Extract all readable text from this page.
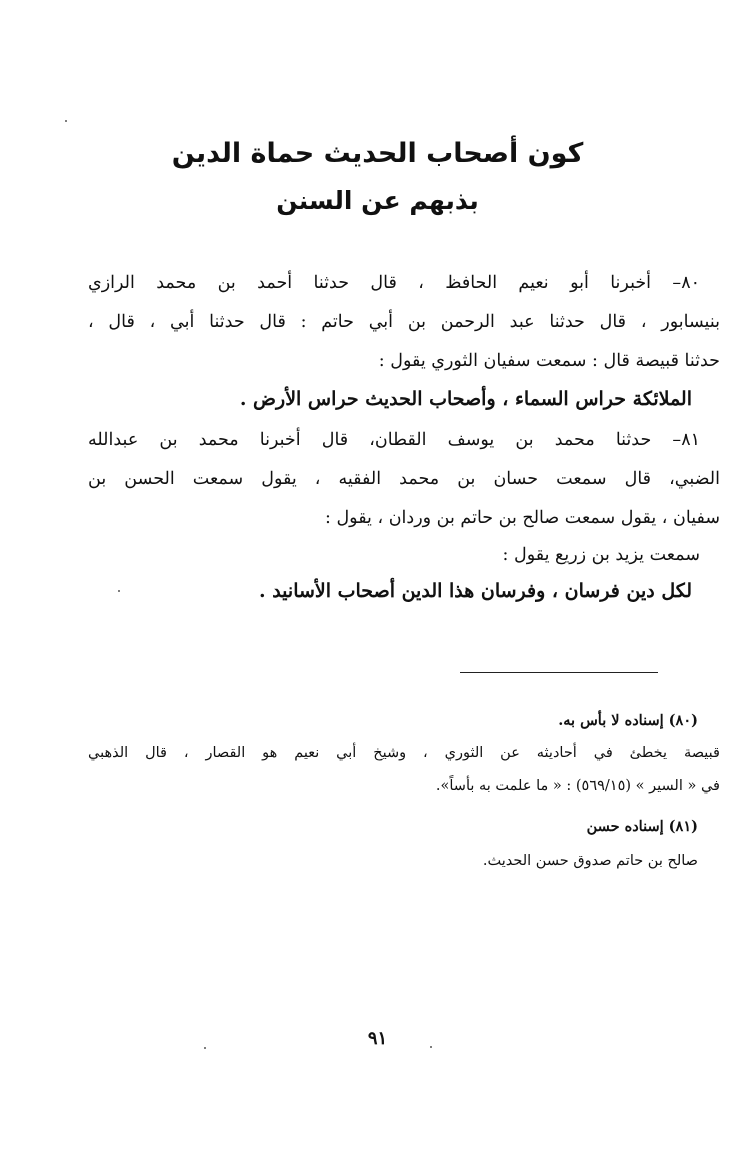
كون أصحاب الحديث حماة الدين
بذبهم عن السنن
٨٠– أخبرنا أبو نعيم الحافظ ، قال حدثنا أحمد بن محمد الرازي
بنيسابور ، قال حدثنا عبد الرحمن بن أبي حاتم : قال حدثنا أبي ، قال ،
حدثنا قبيصة قال : سمعت سفيان الثوري يقول :
الملائكة حراس السماء ، وأصحاب الحديث حراس الأرض .
٨١– حدثنا محمد بن يوسف القطان، قال أخبرنا محمد بن عبدالله
الضبي، قال سمعت حسان بن محمد الفقيه ، يقول سمعت الحسن بن
سفيان ، يقول سمعت صالح بن حاتم بن وردان ، يقول :
سمعت يزيد بن زريع يقول :
لكل دين فرسان ، وفرسان هذا الدين أصحاب الأسانيد .
(٨٠) إسناده لا بأس به.
قبيصة يخطئ في أحاديثه عن الثوري ، وشيخ أبي نعيم هو القصار ، قال الذهبي
في « السير » (٥٦٩/١٥) : « ما علمت به بأساً».
(٨١) إسناده حسن
صالح بن حاتم صدوق حسن الحديث.
٩١
